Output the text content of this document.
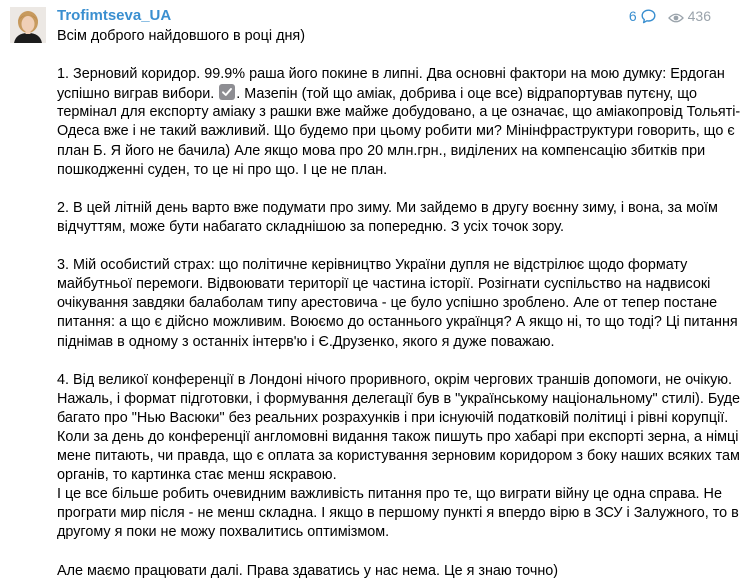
Trofimtseva_UA	6	436
Всім доброго найдовшого в році дня)
1. Зерновий коридор. 99.9% раша його покине в липні. Два основні фактори на мою думку: Ердоган
успішно виграв вибори.
. Мазепін (той що аміак, добрива і оце все) відрапортував путєну, що
термінал для експорту аміаку з рашки вже майже добудовано, а це означає, що аміакопровід Тольяті-
Одеса вже і не такий важливий. Що будемо при цьому робити ми? Мінінфраструктури говорить, що є
план Б. Я його не бачила) Але якщо мова про 20 млн.грн., виділених на компенсацію збитків при
пошкодженні суден, то це ні про що. І це не план.
2. В цей літній день варто вже подумати про зиму. Ми зайдемо в другу воєнну зиму, і вона, за моїм
відчуттям, може бути набагато складнішою за попередню. З усіх точок зору.
3. Мій особистий страх: що політичне керівництво України дупля не відстрілює щодо формату
майбутньої перемоги. Відвоювати території це частина історії. Розігнати суспільство на надвисокі
очікування завдяки балаболам типу арестовича - це було успішно зроблено. Але от тепер постане
питання: а що є дійсно можливим. Воюємо до останнього українця? А якщо ні, то що тоді? Ці питання
піднімав в одному з останніх інтерв'ю і Є.Друзенко, якого я дуже поважаю.
4. Від великої конференції в Лондоні нічого проривного, окрім чергових траншів допомоги, не очікую.
Нажаль, і формат підготовки, і формування делегації був в "українському національному" стилі). Буде
багато про "Нью Васюки" без реальних розрахунків і при існуючій податковій політиці і рівні корупції.
Коли за день до конференції англомовні видання також пишуть про хабарі при експорті зерна, а німці
мене питають, чи правда, що є оплата за користування зерновим коридором з боку наших всяких там
органів, то картинка стає менш яскравою.
І це все більше робить очевидним важливість питання про те, що виграти війну це одна справа. Не
програти мир після - не менш складна. І якщо в першому пункті я впердо вірю в ЗСУ і Залужного, то в
другому я поки не можу похвалитись оптимізмом.
Але маємо працювати далі. Права здаватись у нас нема. Це я знаю точно)
